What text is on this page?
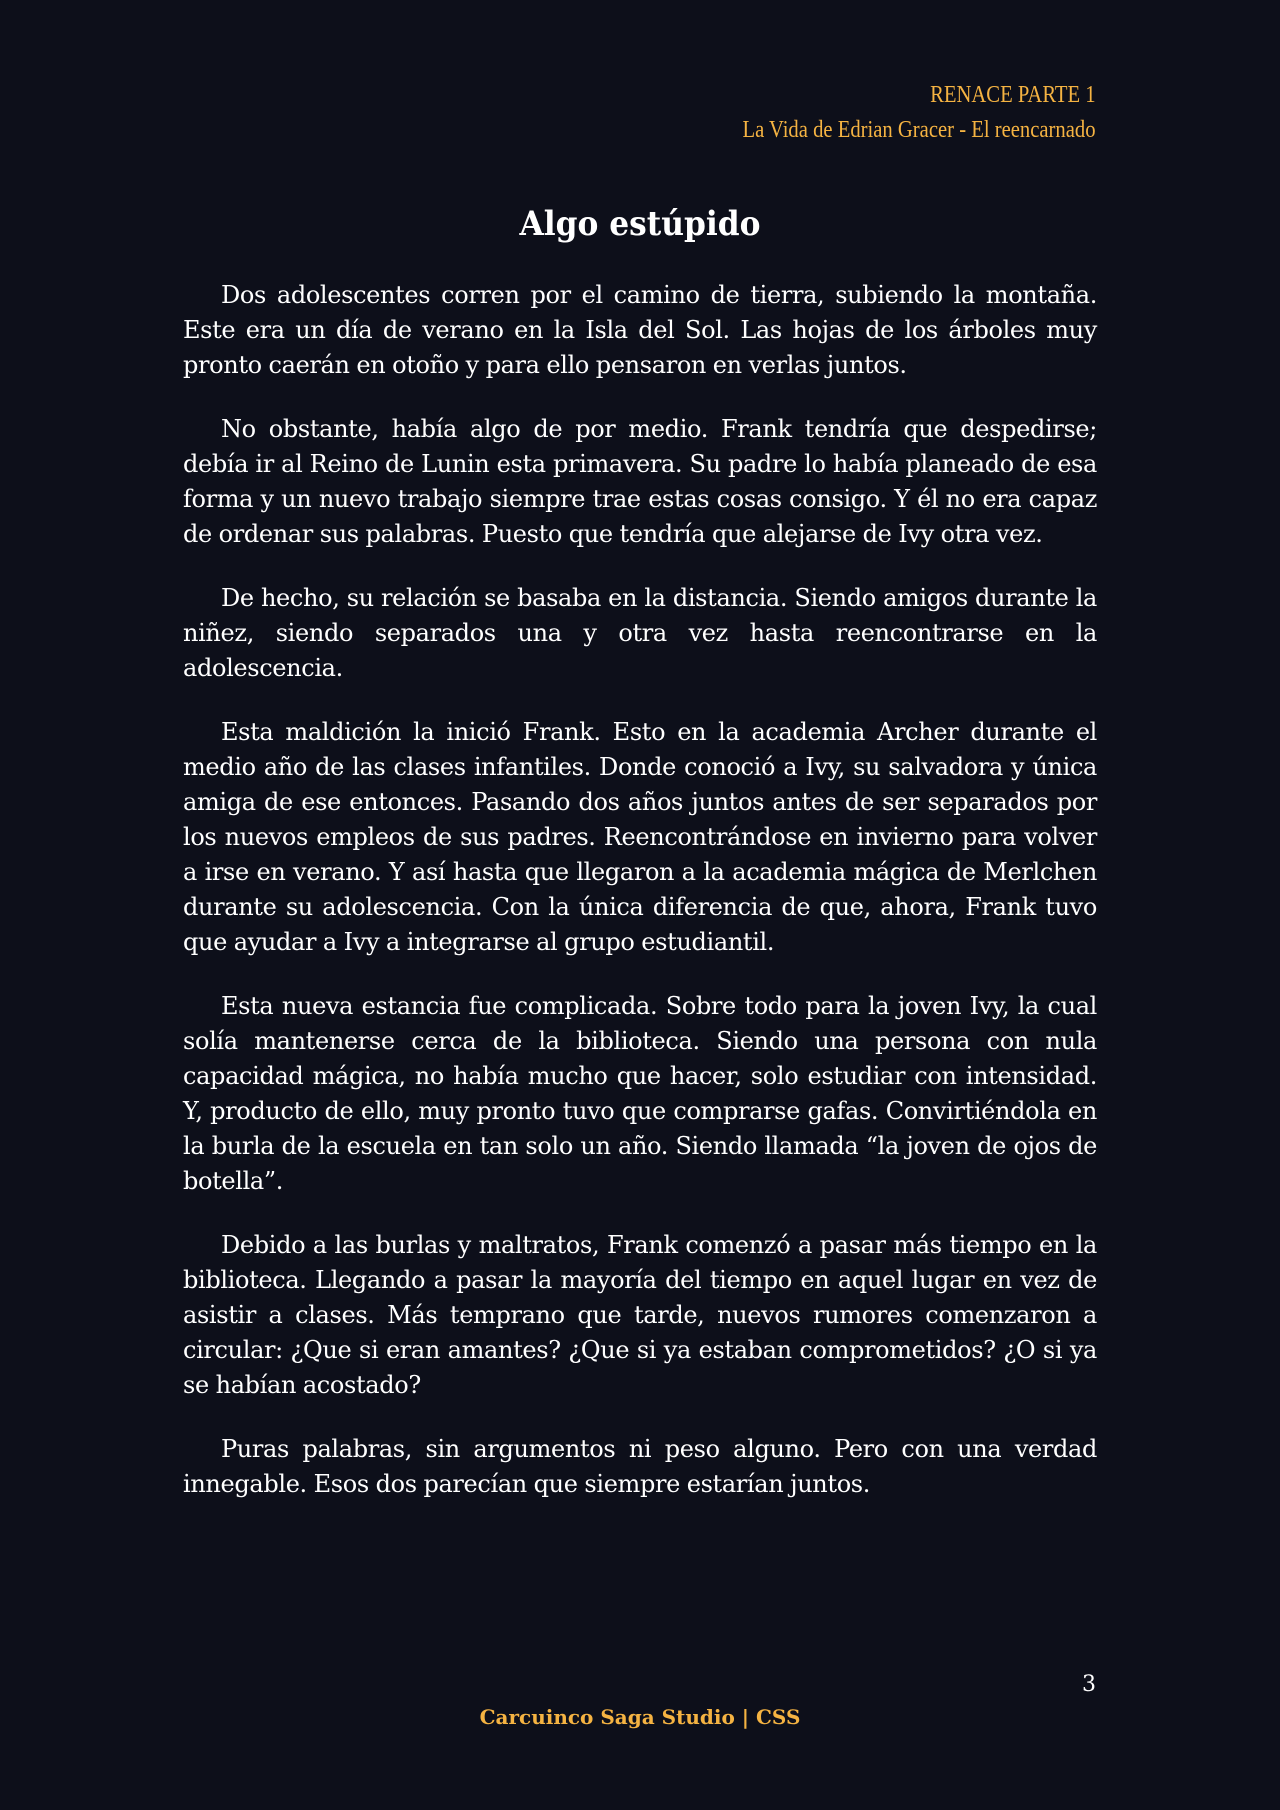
RENACE PARTE 1
La Vida de Edrian Gracer - El reencarnado
Algo estúpido

Dos adolescentes corren por el camino de tierra, subiendo la montaña. Este era un día de verano en la Isla del Sol. Las hojas de los árboles muy pronto caerán en otoño y para ello pensaron en verlas juntos.

No obstante, había algo de por medio. Frank tendría que despedirse; debía ir al Reino de Lunin esta primavera. Su padre lo había planeado de esa forma y un nuevo trabajo siempre trae estas cosas consigo. Y él no era capaz de ordenar sus palabras. Puesto que tendría que alejarse de Ivy otra vez.

De hecho, su relación se basaba en la distancia. Siendo amigos durante la niñez, siendo separados una y otra vez hasta reencontrarse en la adolescencia.

Esta maldición la inició Frank. Esto en la academia Archer durante el medio año de las clases infantiles. Donde conoció a Ivy, su salvadora y única amiga de ese entonces. Pasando dos años juntos antes de ser separados por los nuevos empleos de sus padres. Reencontrándose en invierno para volver a irse en verano. Y así hasta que llegaron a la academia mágica de Merlchen durante su adolescencia. Con la única diferencia de que, ahora, Frank tuvo que ayudar a Ivy a integrarse al grupo estudiantil.

Esta nueva estancia fue complicada. Sobre todo para la joven Ivy, la cual solía mantenerse cerca de la biblioteca. Siendo una persona con nula capacidad mágica, no había mucho que hacer, solo estudiar con intensidad. Y, producto de ello, muy pronto tuvo que comprarse gafas. Convirtiéndola en la burla de la escuela en tan solo un año. Siendo llamada “la joven de ojos de botella”.

Debido a las burlas y maltratos, Frank comenzó a pasar más tiempo en la biblioteca. Llegando a pasar la mayoría del tiempo en aquel lugar en vez de asistir a clases. Más temprano que tarde, nuevos rumores comenzaron a circular: ¿Que si eran amantes? ¿Que si ya estaban comprometidos? ¿O si ya se habían acostado?

Puras palabras, sin argumentos ni peso alguno. Pero con una verdad innegable. Esos dos parecían que siempre estarían juntos.

3
Carcuinco Saga Studio | CSS
